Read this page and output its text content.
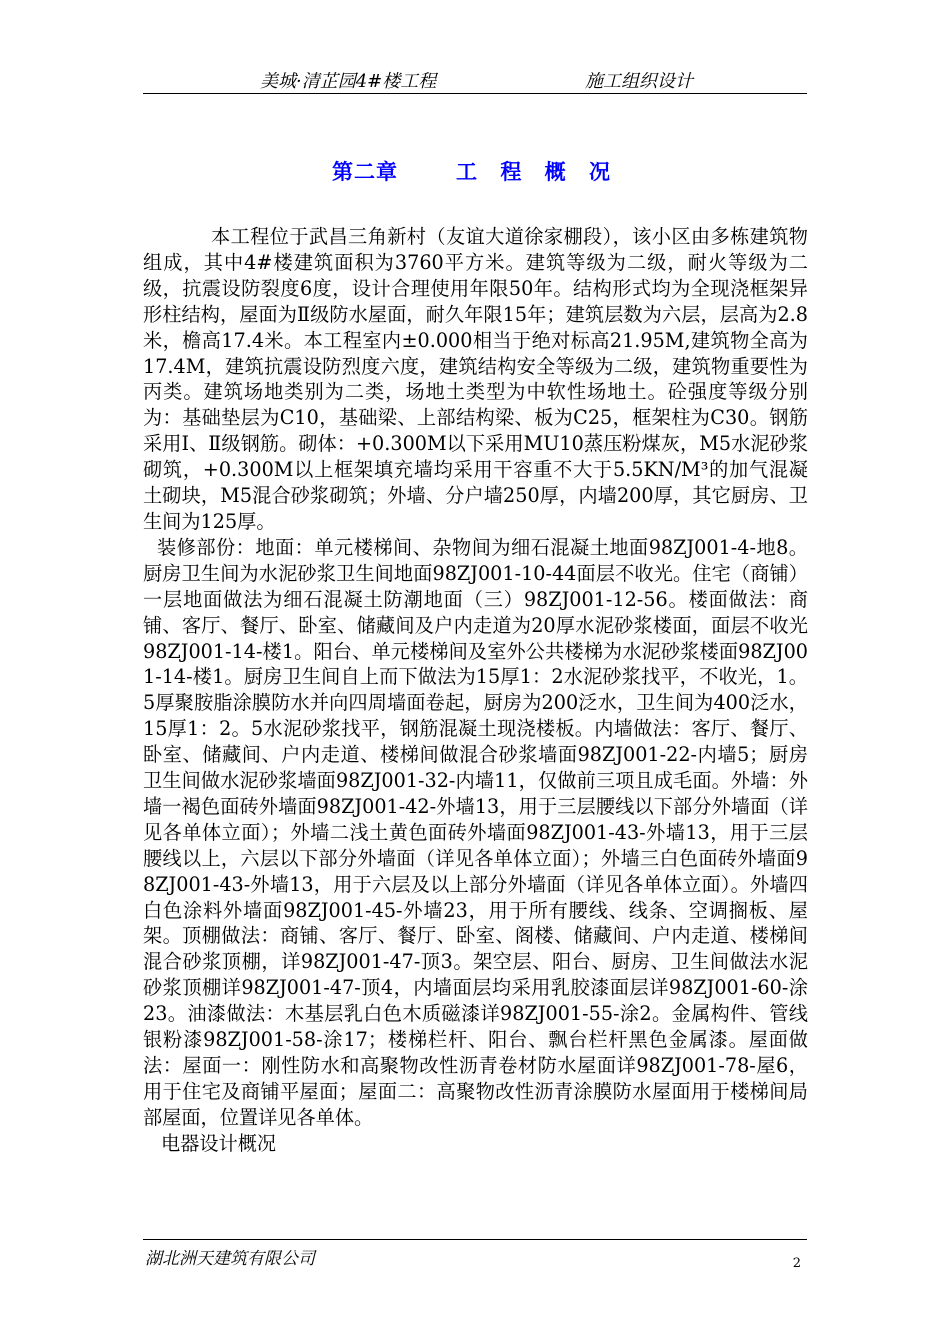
美城·清芷园4#楼工程	施工组织设计
第二章	工 程 概 况

本工程位于武昌三角新村（友谊大道徐家棚段），该小区由多栋建筑物组成，其中4#楼建筑面积为3760平方米。建筑等级为二级，耐火等级为二级，抗震设防裂度6度，设计合理使用年限50年。结构形式均为全现浇框架异形柱结构，屋面为Ⅱ级防水屋面，耐久年限15年；建筑层数为六层，层高为2.8米，檐高17.4米。本工程室内±0.000相当于绝对标高21.95M,建筑物全高为17.4M，建筑抗震设防烈度六度，建筑结构安全等级为二级，建筑物重要性为丙类。建筑场地类别为二类，场地土类型为中软性场地土。砼强度等级分别为：基础垫层为C10，基础梁、上部结构梁、板为C25，框架柱为C30。钢筋采用Ⅰ、Ⅱ级钢筋。砌体：+0.300M以下采用MU10蒸压粉煤灰，M5水泥砂浆砌筑，+0.300M以上框架填充墙均采用干容重不大于5.5KN/M³的加气混凝土砌块，M5混合砂浆砌筑；外墙、分户墙250厚，内墙200厚，其它厨房、卫生间为125厚。

装修部份：地面：单元楼梯间、杂物间为细石混凝土地面98ZJ001-4-地8。厨房卫生间为水泥砂浆卫生间地面98ZJ001-10-44面层不收光。住宅（商铺）一层地面做法为细石混凝土防潮地面（三）98ZJ001-12-56。楼面做法：商铺、客厅、餐厅、卧室、储藏间及户内走道为20厚水泥砂浆楼面，面层不收光98ZJ001-14-楼1。阳台、单元楼梯间及室外公共楼梯为水泥砂浆楼面98ZJ001-14-楼1。厨房卫生间自上而下做法为15厚1：2水泥砂浆找平，不收光，1。5厚聚胺脂涂膜防水并向四周墙面卷起，厨房为200泛水，卫生间为400泛水，15厚1：2。5水泥砂浆找平，钢筋混凝土现浇楼板。内墙做法：客厅、餐厅、卧室、储藏间、户内走道、楼梯间做混合砂浆墙面98ZJ001-22-内墙5；厨房卫生间做水泥砂浆墙面98ZJ001-32-内墙11，仅做前三项且成毛面。外墙：外墙一褐色面砖外墙面98ZJ001-42-外墙13，用于三层腰线以下部分外墙面（详见各单体立面）；外墙二浅土黄色面砖外墙面98ZJ001-43-外墙13，用于三层腰线以上，六层以下部分外墙面（详见各单体立面）；外墙三白色面砖外墙面98ZJ001-43-外墙13，用于六层及以上部分外墙面（详见各单体立面）。外墙四白色涂料外墙面98ZJ001-45-外墙23，用于所有腰线、线条、空调搁板、屋架。顶棚做法：商铺、客厅、餐厅、卧室、阁楼、储藏间、户内走道、楼梯间混合砂浆顶棚，详98ZJ001-47-顶3。架空层、阳台、厨房、卫生间做法水泥砂浆顶棚详98ZJ001-47-顶4，内墙面层均采用乳胶漆面层详98ZJ001-60-涂23。油漆做法：木基层乳白色木质磁漆详98ZJ001-55-涂2。金属构件、管线银粉漆98ZJ001-58-涂17；楼梯栏杆、阳台、飘台栏杆黑色金属漆。屋面做法：屋面一：刚性防水和高聚物改性沥青卷材防水屋面详98ZJ001-78-屋6，用于住宅及商铺平屋面；屋面二：高聚物改性沥青涂膜防水屋面用于楼梯间局部屋面，位置详见各单体。

电器设计概况

湖北洲天建筑有限公司	2
